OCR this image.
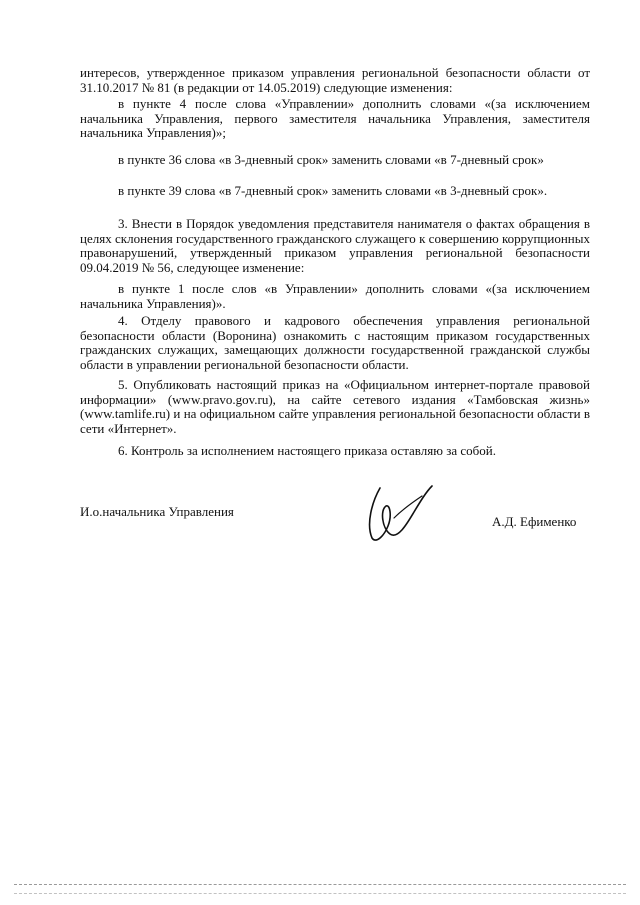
интересов, утвержденное приказом управления региональной безопасности области от 31.10.2017 № 81 (в редакции от 14.05.2019) следующие изменения:

в пункте 4 после слова «Управлении» дополнить словами «(за исключением начальника Управления, первого заместителя начальника Управления, заместителя начальника Управления)»;

в пункте 36 слова «в 3-дневный срок» заменить словами «в 7-дневный срок»

в пункте 39 слова «в 7-дневный срок» заменить словами «в 3-дневный срок».

3. Внести в Порядок уведомления представителя нанимателя о фактах обращения в целях склонения государственного гражданского служащего к совершению коррупционных правонарушений, утвержденный приказом управления региональной безопасности 09.04.2019 № 56, следующее изменение:

в пункте 1 после слов «в Управлении» дополнить словами «(за исключением начальника Управления)».

4. Отделу правового и кадрового обеспечения управления региональной безопасности области (Воронина) ознакомить с настоящим приказом государственных гражданских служащих, замещающих должности государственной гражданской службы области в управлении региональной безопасности области.

5. Опубликовать настоящий приказ на «Официальном интернет-портале правовой информации» (www.pravo.gov.ru), на сайте сетевого издания «Тамбовская жизнь» (www.tamlife.ru) и на официальном сайте управления региональной безопасности области в сети «Интернет».

6. Контроль за исполнением настоящего приказа оставляю за собой.

И.о.начальника Управления
А.Д. Ефименко
